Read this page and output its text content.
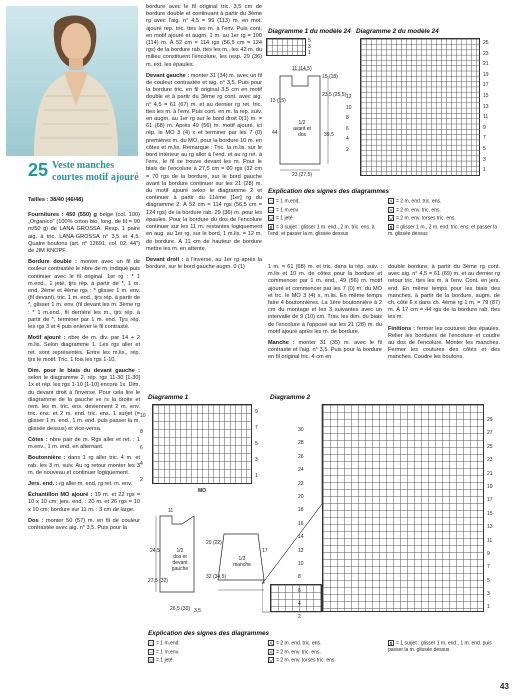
25 Veste manches
courtes motif ajouré
Tailles : 38/40 (46/48)
Fournitures : 450 (550) g beige (col. 100) „Organico" (100% coton bio, long. de fil = 90 m/50 g) de LANA GROSSA. Resp. 1 paire aig. à tric. LANA-GROSSA n° 3,5 et 4,5. Quatre boutons (art. n° 12691, col. 02, 44") de JIM KNOPF.
Bordure double : monter avec un fil de couleur contrastée le nbre de m. indiqué puis continuer avec le fil original. 1er rg : * 1 m.end., 1 jeté, tjrs rép. à partir de *, 1 m. end. 2ème et 4ème rgs : * glisser 1 m. env. (fil devant), tric. 1 m. end., tjrs rép. à partir de *, glisser 1 m. env. (fil devant les m. 3ème rg : * 1 m.end., fil derrière les m., tjrs rép. à partir de *, terminer par 1 m. end. Tjrs rép. les rgs 3 et 4 puis enlever le fil contrasté.
Motif ajouré : nbre de m. div. par 14 + 2 m.lis. Selon diagramme 1. Les rgs aller et ret. sont représentés. Entre les m.lis., rép. tjrs le motif. Tric. 1 fois les rgs 1-10.
Dim. pour le biais du devant gauche : selon le diagramme 2, rép. rgs 11-30 [1-30] 1x et rép. les rgs 1-10 [1-10] encore 1x. Dim. du devant droit à l'inverse. Pour cela lire le diagramme de la gauche ve rs la droite et rem. les m. tric. ens. deviennent 2 m. env. tric. ens. et 2 m. end. tric. ens. 1 surjet (= glisser 1 m. end., 1 m. end. puis passer la m. glissée dessus) et vice-versa.
Côtes : nbre pair de m. Rgs aller et ret. : 1 m.env., 1 m. end. en alternant.
Boutonnière : dans 1 rg aller tric. 4 m. et rab. les 3 m. suiv. Au rg retour monter les 3 m. de nouveau et continuer logiquement.
Jers. end. : rg aller m. end. rg ret. m. env.
Échantillon MO ajouré : 19 m. et 22 rgs = 10 x 10 cm; jers. end. : 20 m. et 26 rgs = 10 x 10 cm; bordure sur 11 m. : 3 cm de large.
Dos : monter 50 (57) m. en fil de couleur contrastée avec aig. n° 3,5. Puis pour la
bordure avec le fil original tric. 3,5 cm de bordure double et continuant à partir du 3ème rg avec l'aig. n° 4,5 = 99 (113) m. en mot. ajouré rep. tric. ttes les m. à l'env. Puis cont. en motif ajouré et augm. 1 m. au 1er rg = 100 (114) m. À 52 cm = 114 rgs (56,5 cm = 124 rgs) de la bordure rab. ttes les m., les 42 m. du milieu constituent l'encolure, les resp. 29 (36) m. ext. les épaules.
Devant gauche : monter 31 (34) m. avec un fil de couleur contrastée et aig. n° 3,5. Puis pour la bordure tric. en fil original 3,5 cm en motif double et à partir du 3ème rg cont. avec aig. n° 4,5 = 61 (67) m. et au dernier rg ret. tric. ttes les m. à l'env. Puis cont. en m. la rep. suiv. en augm. au 1er rg sur le bord droit 0(1) m. = 61 (68) m. Après 49 (56) m. motif ajouré, ici rép. le MO 3 (4) x et terminer par les 7 (0) premières m. du MO, pour la bordure 10 m. en côtes et m.lis. Remarque : Tric. la m.lis. sur le bord intérieur au rg aller à l'end. et au rg ret. à l'env., le fil se trouve devant les m. Pour le biais de l'encolure à 27,5 cm = 60 rgs (32 cm = 70 rgs de la bordure, sur le bord gauche avant la bordure continuer sur les 21 (28) m. du motif ajouré selon le diagramme 2 et continuer à partir du 11ème [1er] rg du diagramme 2. À 52 cm = 114 rgs (56,5 cm = 124 rgs) de la bordure rab. 29 (36) m. pour les épaules. Pour la bordure du dos de l'encolure continuer sur les 11 m. restantes logiquement en aug. au 1er rg, sur le bord, 1 m.lis. = 12 m. de bordure. À 11 cm de hauteur de bordure mettre les m. en attente.
Devant droit : à l'inverse, au 1er rg après la bordure, sur le bord gauche augm. 0 (1)	1 m. = 61 (68) m. et tric. dans la rép. suiv. : m.lis et 10 m. de côtes pour la bordure et commencer par 1 m. end., 49 (56) m. motif ajouré et commencer par les 7 (0) m. du MO et trc. le MO 3 (4) x, m.lis. En même temps faire 4 boutonnières. La 1ère boutonnière à 2 cm du montage et les 3 suivantes avec un intervalle de 9 (10) cm. Trav. les dim. du biais de l'encolure à l'opposé sur les 21 (28) m. du motif ajouré après les m. de bordure.
Manche : monter 31 (35) m. avec le fil contrasté et l'aig. n° 3,5. Puis pour la bordure en fil original tric. 4 cm en
double bordure, à partir du 3ème rg cont. avec aig. n° 4,5 = 61 (69) m. et au dernier rg retour tric. ttes les m. à l'env. Cont. en jers. end. En même temps pour les biais des manches, à partir de la bordure, augm. de ch. côté 6 x dans ch. 4ème rg 1 m. = 79 (87) m. À 17 cm = 44 rgs de la bordure rab. ttes les m.
Finitions : fermer les coutures des épaules. Relier les bordures de l'encolure et coudre au dos de l'encolure. Monter les manches. Fermer les coutures des côtés et des manches. Coudre les boutons.
Diagramme 1 du modèle 24 Diagramme 2 du modèle 24
5
3
1
25
23
21
19
17
15
13
11
9
7
5
3
1
12
10
8
6
4
2
1/2
avant et
dos
11 (14,5)
15 (18)
23,5 (25,5)
44	39,5
23 (27,5)
13 (15)
Explication des signes des diagrammes
□ = 1 m.end.
— = 1 m.env.
U = 1 jeté
⬍ = 3 surjet : glisser 1 m. end., 2 m. tric. ens. à l'end. et passer la m. glissée dessus
⋀ = 2 m. end. tric. ens.
Λ = 2 m. env. tric. ens.
⋁ = 2 m. env. torses tric. ens.
⬍ = glisser 1 m., 2 m. end. tric. ens. et passer la m. glissée dessus
Diagramme 1
10
8
6
4
2
9
7
5
3
1
MO
1/2
dos et
devant
gauche
11
24,5
27,5 (32)
26,5 (30)
1/2
manche
20 (22)
32 (34,5)
17
4
3,5
Diagramme 2
30
28
26
24
22
20
18
16
14
12
10
8
6
4
2
29
27
25
23
21
19
17
15
13
11
9
7
5
3
1
Explication des signes des diagrammes
□ = 1 m.end.
— = 1 m.env.
U = 1 jeté
⋀ = 2 m. end. tric. ens.
Λ = 2 m. env. tric. ens.
⋁ = 2 m. env. torses tric. ens.
⬍ = 1 surjet : glisser 1 m. end., 1 m. end. puis passer la m. glissée dessus
43
